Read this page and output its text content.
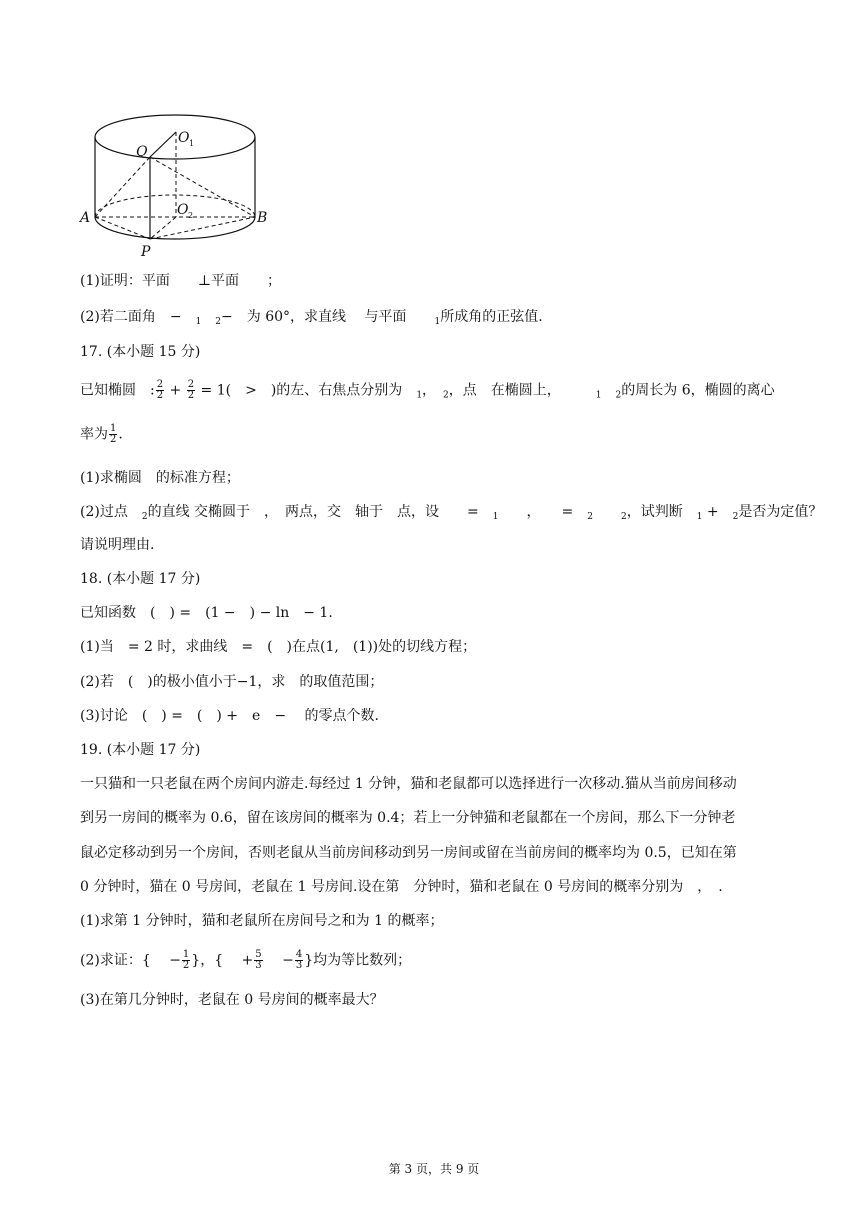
Q
O 1
O 2
A	B
P
(1)证明：平面　　⊥平面　　；
(2)若二面角　−　$_1$　 $_2$−　为 60°，求直线　 与平面　　$_1$所成角的正弦值.
17. (本小题 15 分)
已知椭圆　: $\frac{2}{2} + \frac{2}{2} = 1$(　>　)的左、右焦点分别为　$_1$，　$_2$，点　在椭圆上，　　　$_1$　 $_2$的周长为 6，椭圆的离心
率为 $\frac{1}{2}$ .
(1)求椭圆　的标准方程；
(2)过点　$_2$的直线 交椭圆于　，　两点，交　轴于　点，设　　=　$_1$　　，　　=　$_2$　　	$_2$，试判断　$_1$ +　$_2$是否为定值？
请说明理由.
18. (本小题 17 分)
已知函数　(　) =　(1 −　) − ln　− 1.
(1)当　= 2 时，求曲线　=　(　)在点(1,　(1))处的切线方程；
(2)若　(　)的极小值小于−1，求　的取值范围；
(3)讨论　(　) =　(　) +　e　−　 的零点个数.
19. (本小题 17 分)
一只猫和一只老鼠在两个房间内游走.每经过 1 分钟，猫和老鼠都可以选择进行一次移动.猫从当前房间移动
到另一房间的概率为 0.6，留在该房间的概率为 0.4；若上一分钟猫和老鼠都在一个房间，那么下一分钟老
鼠必定移动到另一个房间，否则老鼠从当前房间移动到另一房间或留在当前房间的概率均为 0.5，已知在第
0 分钟时，猫在 0 号房间，老鼠在 1 号房间.设在第　分钟时，猫和老鼠在 0 号房间的概率分别为　，　.
(1)求第 1 分钟时，猫和老鼠所在房间号之和为 1 的概率；
(2)求证：{　 − $\frac{1}{2}$ }，{　 + $\frac{5}{3}$ 　 − $\frac{4}{3}$ }均为等比数列；
(3)在第几分钟时，老鼠在 0 号房间的概率最大？
第 3 页，共 9 页
